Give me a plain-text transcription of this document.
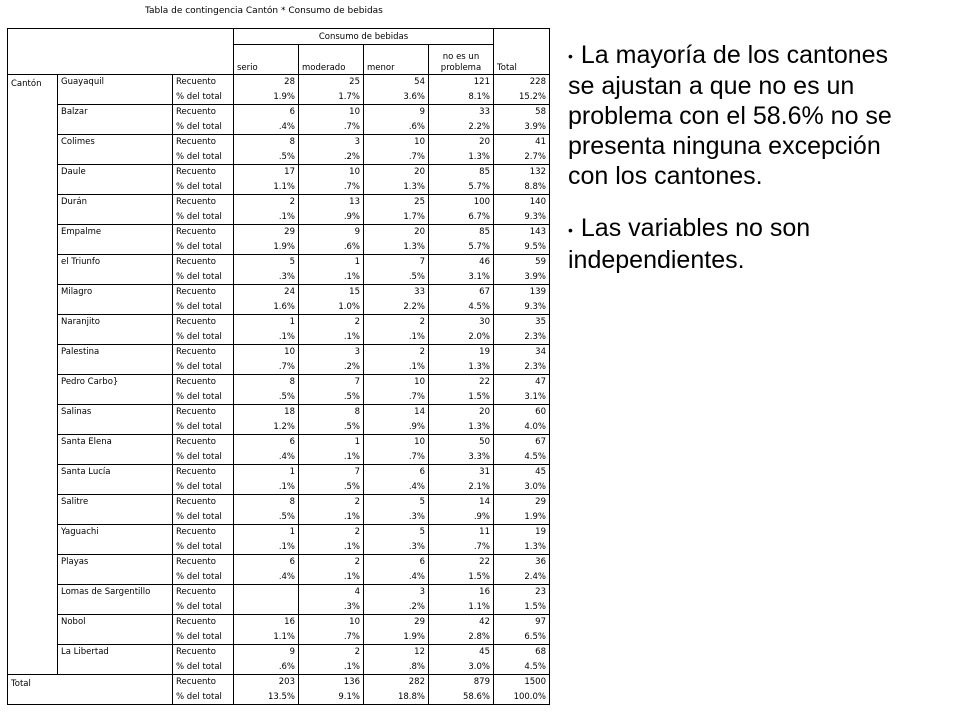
Tabla de contingencia Cantón * Consumo de bebidas
			Consumo de bebidas				
			serio	moderado	menor	no es un
problema	Total
Cantón	Guayaquil	Recuento	28	25	54	121	228
		% del total	1.9%	1.7%	3.6%	8.1%	15.2%
	Balzar	Recuento	6	10	9	33	58
		% del total	.4%	.7%	.6%	2.2%	3.9%
	Colimes	Recuento	8	3	10	20	41
		% del total	.5%	.2%	.7%	1.3%	2.7%
	Daule	Recuento	17	10	20	85	132
		% del total	1.1%	.7%	1.3%	5.7%	8.8%
	Durán	Recuento	2	13	25	100	140
		% del total	.1%	.9%	1.7%	6.7%	9.3%
	Empalme	Recuento	29	9	20	85	143
		% del total	1.9%	.6%	1.3%	5.7%	9.5%
	el Triunfo	Recuento	5	1	7	46	59
		% del total	.3%	.1%	.5%	3.1%	3.9%
	Milagro	Recuento	24	15	33	67	139
		% del total	1.6%	1.0%	2.2%	4.5%	9.3%
	Naranjito	Recuento	1	2	2	30	35
		% del total	.1%	.1%	.1%	2.0%	2.3%
	Palestina	Recuento	10	3	2	19	34
		% del total	.7%	.2%	.1%	1.3%	2.3%
	Pedro Carbo}	Recuento	8	7	10	22	47
		% del total	.5%	.5%	.7%	1.5%	3.1%
	Salinas	Recuento	18	8	14	20	60
		% del total	1.2%	.5%	.9%	1.3%	4.0%
	Santa Elena	Recuento	6	1	10	50	67
		% del total	.4%	.1%	.7%	3.3%	4.5%
	Santa Lucía	Recuento	1	7	6	31	45
		% del total	.1%	.5%	.4%	2.1%	3.0%
	Salitre	Recuento	8	2	5	14	29
		% del total	.5%	.1%	.3%	.9%	1.9%
	Yaguachi	Recuento	1	2	5	11	19
		% del total	.1%	.1%	.3%	.7%	1.3%
	Playas	Recuento	6	2	6	22	36
		% del total	.4%	.1%	.4%	1.5%	2.4%
	Lomas de Sargentillo	Recuento		4	3	16	23
		% del total		.3%	.2%	1.1%	1.5%
	Nobol	Recuento	16	10	29	42	97
		% del total	1.1%	.7%	1.9%	2.8%	6.5%
	La Libertad	Recuento	9	2	12	45	68
		% del total	.6%	.1%	.8%	3.0%	4.5%
Total		Recuento	203	136	282	879	1500
		% del total	13.5%	9.1%	18.8%	58.6%	100.0%
• La mayoría de los cantones se ajustan a que no es un problema con el 58.6% no se presenta ninguna excepción con los cantones.
• Las variables no son independientes.
